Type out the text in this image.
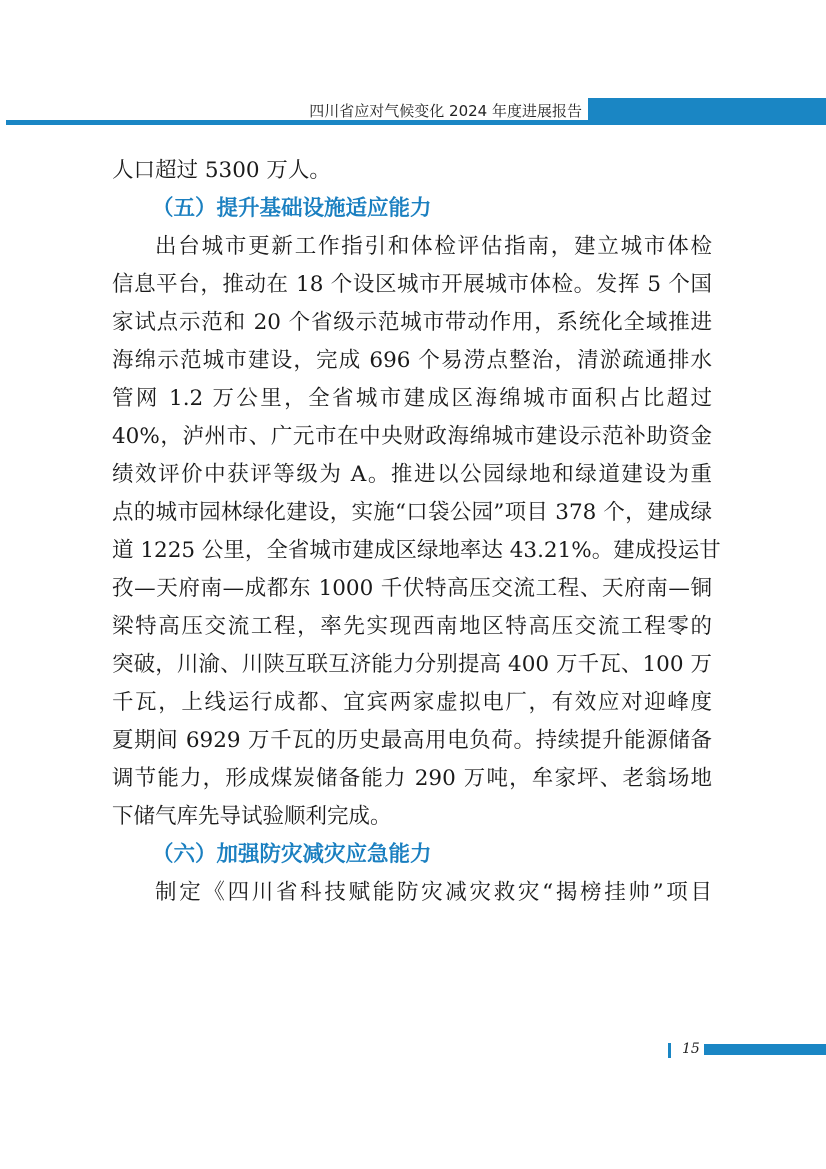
四川省应对气候变化 2024 年度进展报告
人口超过 5300 万人。
（五）提升基础设施适应能力
出台城市更新工作指引和体检评估指南，建立城市体检
信息平台，推动在 18 个设区城市开展城市体检。发挥 5 个国
家试点示范和 20 个省级示范城市带动作用，系统化全域推进
海绵示范城市建设，完成 696 个易涝点整治，清淤疏通排水
管网 1.2 万公里，全省城市建成区海绵城市面积占比超过
40%，泸州市、广元市在中央财政海绵城市建设示范补助资金
绩效评价中获评等级为 A。推进以公园绿地和绿道建设为重
点的城市园林绿化建设，实施“口袋公园”项目 378 个，建成绿
道 1225 公里，全省城市建成区绿地率达 43.21%。建成投运甘
孜—天府南—成都东 1000 千伏特高压交流工程、天府南—铜
梁特高压交流工程，率先实现西南地区特高压交流工程零的
突破，川渝、川陕互联互济能力分别提高 400 万千瓦、100 万
千瓦，上线运行成都、宜宾两家虚拟电厂，有效应对迎峰度
夏期间 6929 万千瓦的历史最高用电负荷。持续提升能源储备
调节能力，形成煤炭储备能力 290 万吨，牟家坪、老翁场地
下储气库先导试验顺利完成。
（六）加强防灾减灾应急能力
制定《四川省科技赋能防灾减灾救灾“揭榜挂帅”项目
15
